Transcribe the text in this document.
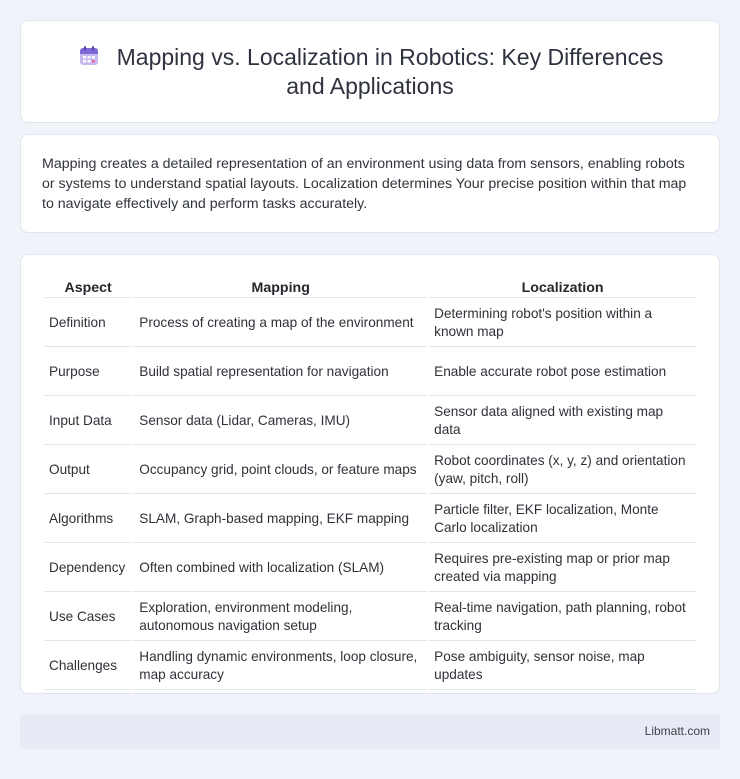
Mapping vs. Localization in Robotics: Key Differences and Applications

Mapping creates a detailed representation of an environment using data from sensors, enabling robots or systems to understand spatial layouts. Localization determines Your precise position within that map to navigate effectively and perform tasks accurately.

Aspect	Mapping	Localization
Definition	Process of creating a map of the environment	Determining robot's position within a known map
Purpose	Build spatial representation for navigation	Enable accurate robot pose estimation
Input Data	Sensor data (Lidar, Cameras, IMU)	Sensor data aligned with existing map data
Output	Occupancy grid, point clouds, or feature maps	Robot coordinates (x, y, z) and orientation (yaw, pitch, roll)
Algorithms	SLAM, Graph-based mapping, EKF mapping	Particle filter, EKF localization, Monte Carlo localization
Dependency	Often combined with localization (SLAM)	Requires pre-existing map or prior map created via mapping
Use Cases	Exploration, environment modeling, autonomous navigation setup	Real-time navigation, path planning, robot tracking
Challenges	Handling dynamic environments, loop closure, map accuracy	Pose ambiguity, sensor noise, map updates
Libmatt.com
